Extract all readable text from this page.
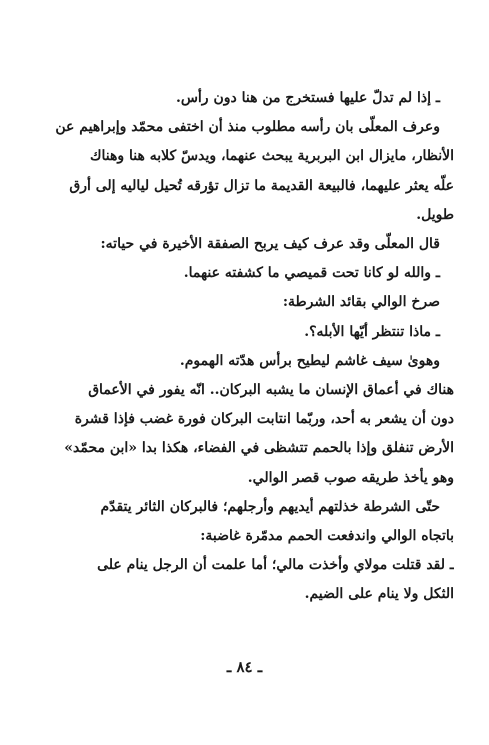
ـ إذا لم تدلّ عليها فستخرج من هنا دون رأس.
وعرف المعلّى بان رأسه مطلوب منذ أن اختفى محمّد وإبراهيم عن
الأنظار، مايزال ابن البربرية يبحث عنهما، ويدسّ كلابه هنا وهناك
علّه يعثر عليهما، فالبيعة القديمة ما تزال تؤرقه تُحيل لياليه إلى أرق
طويل.
قال المعلّى وقد عرف كيف يربح الصفقة الأخيرة في حياته:
ـ والله لو كانا تحت قميصي ما كشفته عنهما.
صرخ الوالي بقائد الشرطة:
ـ ماذا تنتظر أيّها الأبله؟.
وهوىٰ سيف غاشم ليطيح برأس هدّته الهموم.
هناك في أعماق الإنسان ما يشبه البركان.. انّه يفور في الأعماق
دون أن يشعر به أحد، وربّما انتابت البركان فورة غضب فإذا قشرة
الأرض تنفلق وإذا بالحمم تتشظى في الفضاء، هكذا بدا «ابن محمّد»
وهو يأخذ طريقه صوب قصر الوالي.
حتّى الشرطة خذلتهم أيديهم وأرجلهم؛ فالبركان الثائر يتقدّم
باتجاه الوالي واندفعت الحمم مدمّرة غاضبة:
ـ لقد قتلت مولاي وأخذت مالي؛ أما علمت أن الرجل ينام على
الثكل ولا ينام على الضيم.
ـ ٨٤ ـ
